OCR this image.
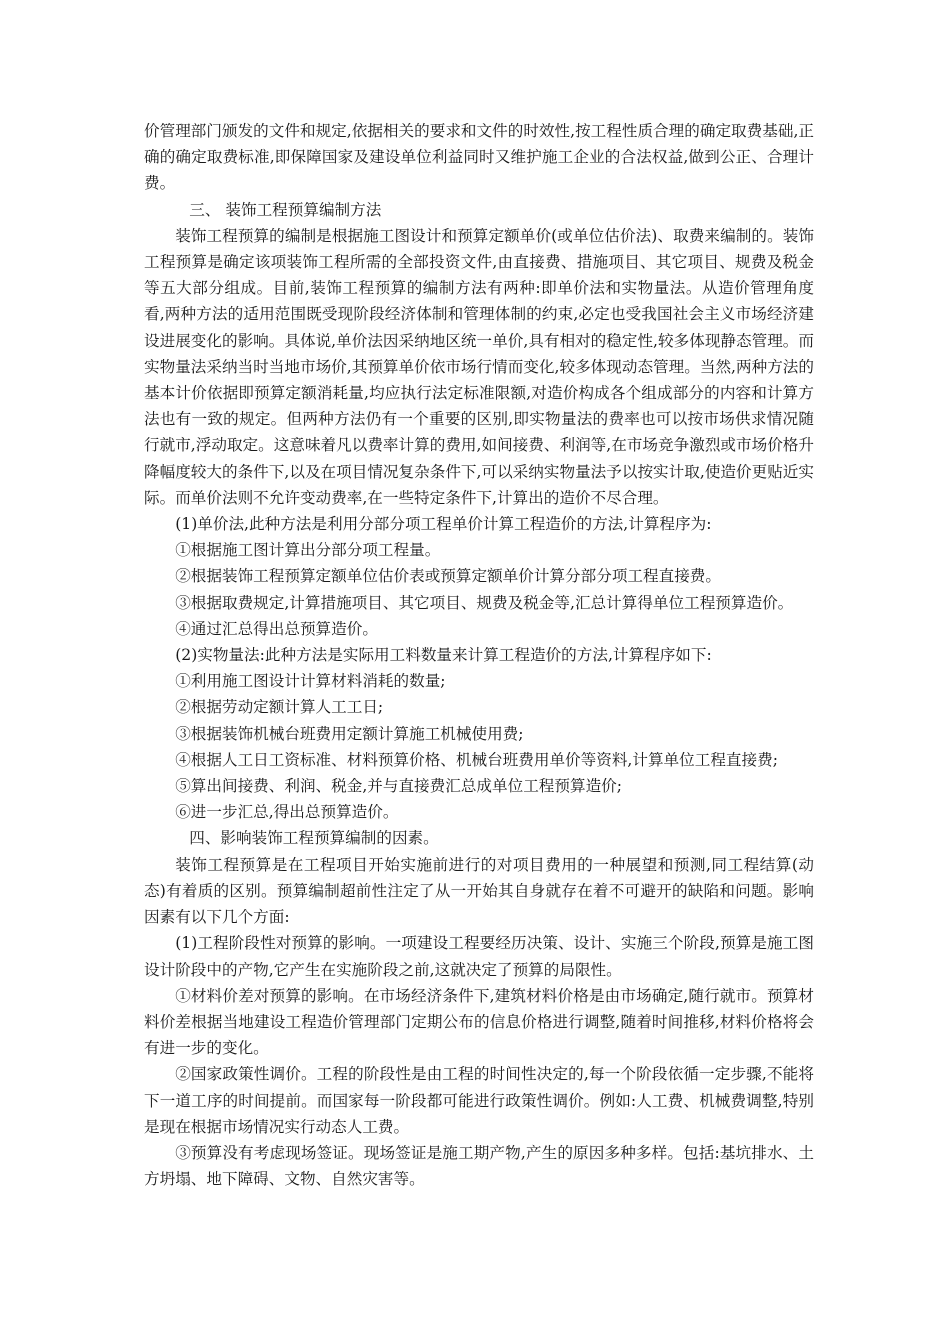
价管理部门颁发的文件和规定,依据相关的要求和文件的时效性,按工程性质合理的确定取费基础,正确的确定取费标准,即保障国家及建设单位利益同时又维护施工企业的合法权益,做到公正、合理计费。

三、 装饰工程预算编制方法

装饰工程预算的编制是根据施工图设计和预算定额单价(或单位估价法)、取费来编制的。装饰工程预算是确定该项装饰工程所需的全部投资文件,由直接费、措施项目、其它项目、规费及税金等五大部分组成。目前,装饰工程预算的编制方法有两种:即单价法和实物量法。从造价管理角度看,两种方法的适用范围既受现阶段经济体制和管理体制的约束,必定也受我国社会主义市场经济建设进展变化的影响。具体说,单价法因采纳地区统一单价,具有相对的稳定性,较多体现静态管理。而实物量法采纳当时当地市场价,其预算单价依市场行情而变化,较多体现动态管理。当然,两种方法的基本计价依据即预算定额消耗量,均应执行法定标准限额,对造价构成各个组成部分的内容和计算方法也有一致的规定。但两种方法仍有一个重要的区别,即实物量法的费率也可以按市场供求情况随行就市,浮动取定。这意味着凡以费率计算的费用,如间接费、利润等,在市场竞争激烈或市场价格升降幅度较大的条件下,以及在项目情况复杂条件下,可以采纳实物量法予以按实计取,使造价更贴近实际。而单价法则不允许变动费率,在一些特定条件下,计算出的造价不尽合理。

(1)单价法,此种方法是利用分部分项工程单价计算工程造价的方法,计算程序为:

①根据施工图计算出分部分项工程量。

②根据装饰工程预算定额单位估价表或预算定额单价计算分部分项工程直接费。

③根据取费规定,计算措施项目、其它项目、规费及税金等,汇总计算得单位工程预算造价。

④通过汇总得出总预算造价。

(2)实物量法:此种方法是实际用工料数量来计算工程造价的方法,计算程序如下:

①利用施工图设计计算材料消耗的数量;

②根据劳动定额计算人工工日;

③根据装饰机械台班费用定额计算施工机械使用费;

④根据人工日工资标准、材料预算价格、机械台班费用单价等资料,计算单位工程直接费;

⑤算出间接费、利润、税金,并与直接费汇总成单位工程预算造价;

⑥进一步汇总,得出总预算造价。

四、影响装饰工程预算编制的因素。

装饰工程预算是在工程项目开始实施前进行的对项目费用的一种展望和预测,同工程结算(动态)有着质的区别。预算编制超前性注定了从一开始其自身就存在着不可避开的缺陷和问题。影响因素有以下几个方面:

(1)工程阶段性对预算的影响。一项建设工程要经历决策、设计、实施三个阶段,预算是施工图设计阶段中的产物,它产生在实施阶段之前,这就决定了预算的局限性。

①材料价差对预算的影响。在市场经济条件下,建筑材料价格是由市场确定,随行就市。预算材料价差根据当地建设工程造价管理部门定期公布的信息价格进行调整,随着时间推移,材料价格将会有进一步的变化。

②国家政策性调价。工程的阶段性是由工程的时间性决定的,每一个阶段依循一定步骤,不能将下一道工序的时间提前。而国家每一阶段都可能进行政策性调价。例如:人工费、机械费调整,特别是现在根据市场情况实行动态人工费。

③预算没有考虑现场签证。现场签证是施工期产物,产生的原因多种多样。包括:基坑排水、土方坍塌、地下障碍、文物、自然灾害等。
